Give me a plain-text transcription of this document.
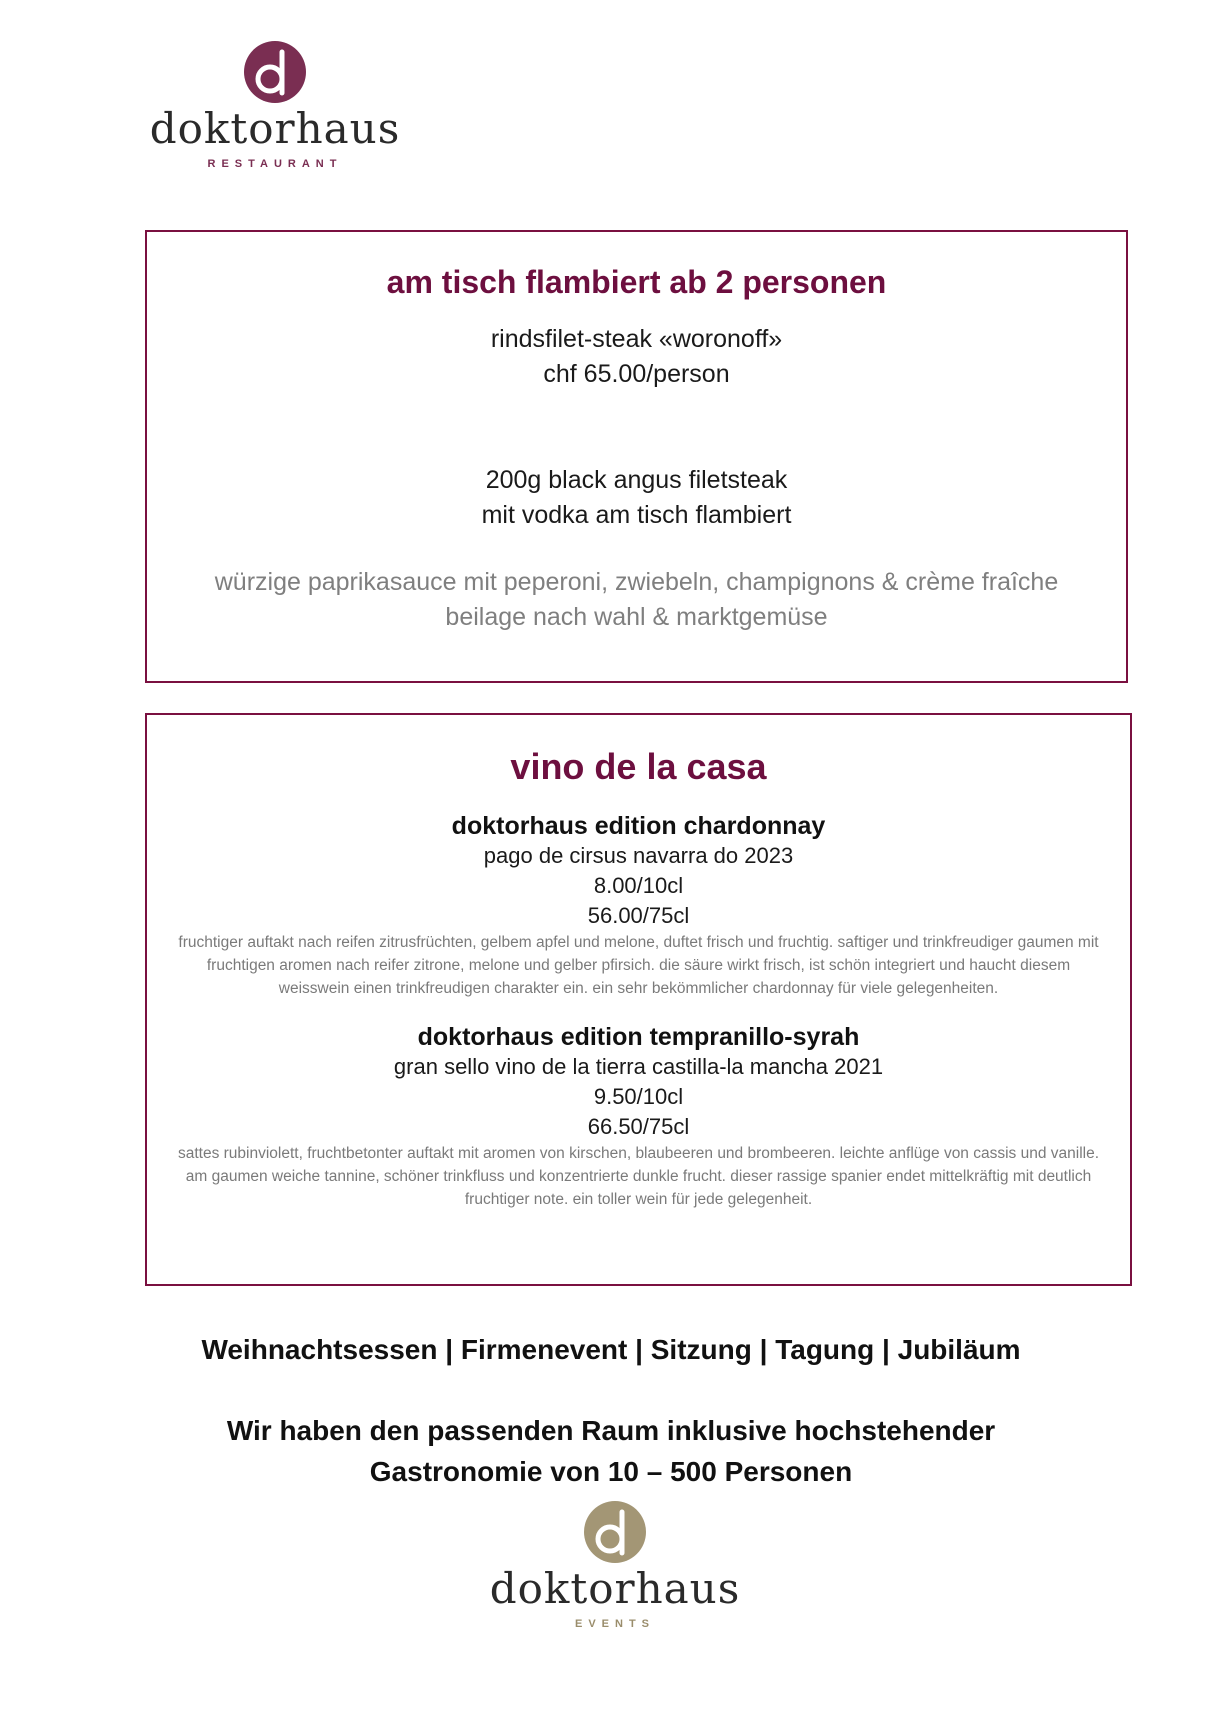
doktorhaus
RESTAURANT
am tisch flambiert ab 2 personen

rindsfilet-steak «woronoff»

chf 65.00/person

200g black angus filetsteak

mit vodka am tisch flambiert

würzige paprikasauce mit peperoni, zwiebeln, champignons & crème fraîche

beilage nach wahl & marktgemüse

vino de la casa

doktorhaus edition chardonnay

pago de cirsus navarra do 2023

8.00/10cl

56.00/75cl

fruchtiger auftakt nach reifen zitrusfrüchten, gelbem apfel und melone, duftet frisch und fruchtig. saftiger und trinkfreudiger gaumen mit fruchtigen aromen nach reifer zitrone, melone und gelber pfirsich. die säure wirkt frisch, ist schön integriert und haucht diesem weisswein einen trinkfreudigen charakter ein. ein sehr bekömmlicher chardonnay für viele gelegenheiten.

doktorhaus edition tempranillo-syrah

gran sello vino de la tierra castilla-la mancha 2021

9.50/10cl

66.50/75cl

sattes rubinviolett, fruchtbetonter auftakt mit aromen von kirschen, blaubeeren und brombeeren. leichte anflüge von cassis und vanille. am gaumen weiche tannine, schöner trinkfluss und konzentrierte dunkle frucht. dieser rassige spanier endet mittelkräftig mit deutlich fruchtiger note. ein toller wein für jede gelegenheit.

Weihnachtsessen | Firmenevent | Sitzung | Tagung | Jubiläum

Wir haben den passenden Raum inklusive hochstehender
Gastronomie von 10 – 500 Personen
doktorhaus
EVENTS
